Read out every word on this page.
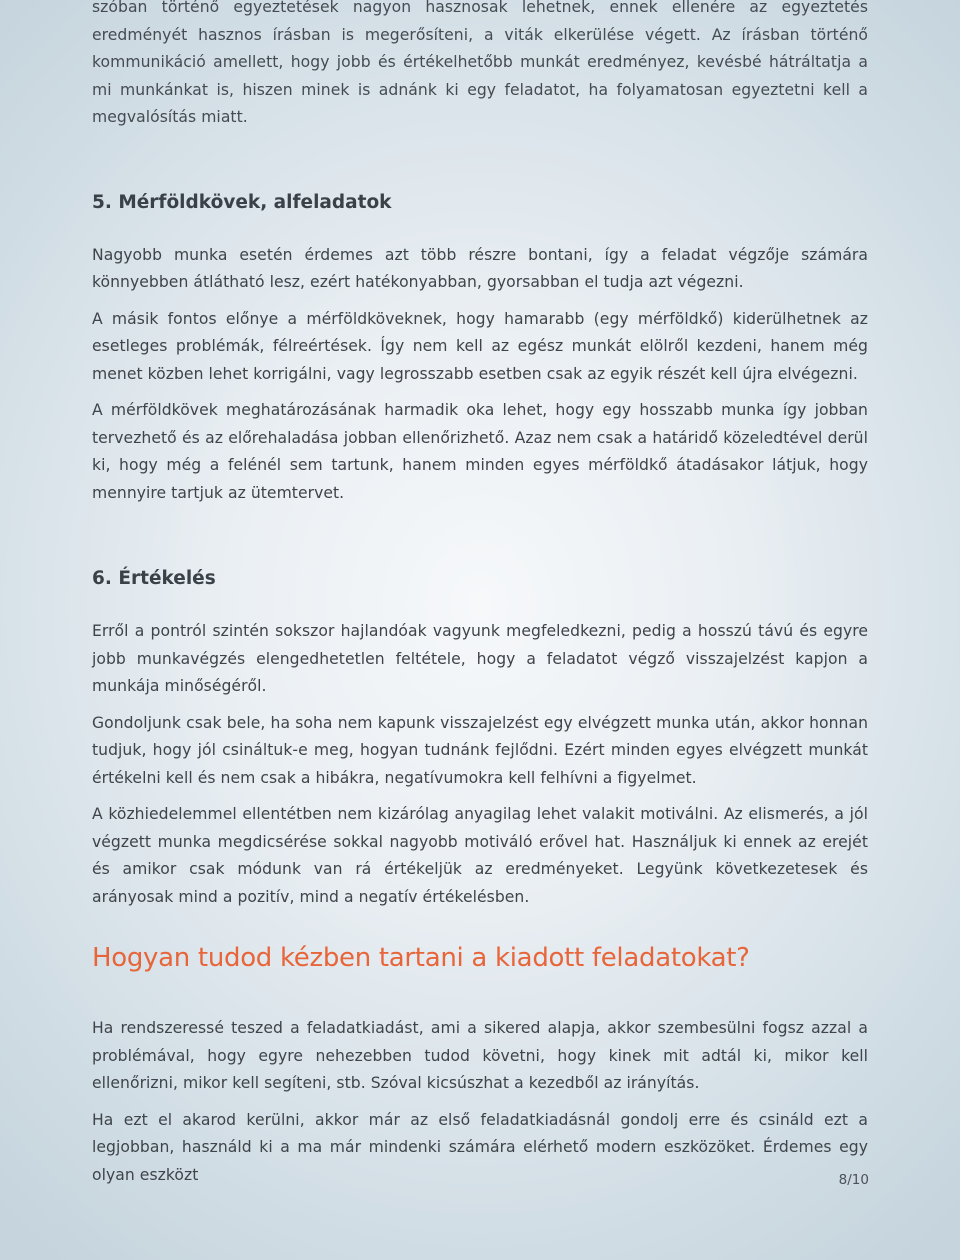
szóban történő egyeztetések nagyon hasznosak lehetnek, ennek ellenére az egyeztetés eredményét hasznos írásban is megerősíteni, a viták elkerülése végett. Az írásban történő kommunikáció amellett, hogy jobb és értékelhetőbb munkát eredményez, kevésbé hátráltatja a mi munkánkat is, hiszen minek is adnánk ki egy feladatot, ha folyamatosan egyeztetni kell a megvalósítás miatt.

5. Mérföldkövek, alfeladatok

Nagyobb munka esetén érdemes azt több részre bontani, így a feladat végzője számára könnyebben átlátható lesz, ezért hatékonyabban, gyorsabban el tudja azt végezni.

A másik fontos előnye a mérföldköveknek, hogy hamarabb (egy mérföldkő) kiderülhetnek az esetleges problémák, félreértések. Így nem kell az egész munkát elölről kezdeni, hanem még menet közben lehet korrigálni, vagy legrosszabb esetben csak az egyik részét kell újra elvégezni.

A mérföldkövek meghatározásának harmadik oka lehet, hogy egy hosszabb munka így jobban tervezhető és az előrehaladása jobban ellenőrizhető. Azaz nem csak a határidő közeledtével derül ki, hogy még a felénél sem tartunk, hanem minden egyes mérföldkő átadásakor látjuk, hogy mennyire tartjuk az ütemtervet.

6. Értékelés

Erről a pontról szintén sokszor hajlandóak vagyunk megfeledkezni, pedig a hosszú távú és egyre jobb munkavégzés elengedhetetlen feltétele, hogy a feladatot végző visszajelzést kapjon a munkája minőségéről.

Gondoljunk csak bele, ha soha nem kapunk visszajelzést egy elvégzett munka után, akkor honnan tudjuk, hogy jól csináltuk-e meg, hogyan tudnánk fejlődni. Ezért minden egyes elvégzett munkát értékelni kell és nem csak a hibákra, negatívumokra kell felhívni a figyelmet.

A közhiedelemmel ellentétben nem kizárólag anyagilag lehet valakit motiválni. Az elismerés, a jól végzett munka megdicsérése sokkal nagyobb motiváló erővel hat. Használjuk ki ennek az erejét és amikor csak módunk van rá értékeljük az eredményeket. Legyünk következetesek és arányosak mind a pozitív, mind a negatív értékelésben.

Hogyan tudod kézben tartani a kiadott feladatokat?

Ha rendszeressé teszed a feladatkiadást, ami a sikered alapja, akkor szembesülni fogsz azzal a problémával, hogy egyre nehezebben tudod követni, hogy kinek mit adtál ki, mikor kell ellenőrizni, mikor kell segíteni, stb. Szóval kicsúszhat a kezedből az irányítás.

Ha ezt el akarod kerülni, akkor már az első feladatkiadásnál gondolj erre és csináld ezt a legjobban, használd ki a ma már mindenki számára elérhető modern eszközöket. Érdemes egy olyan eszközt	8/10
